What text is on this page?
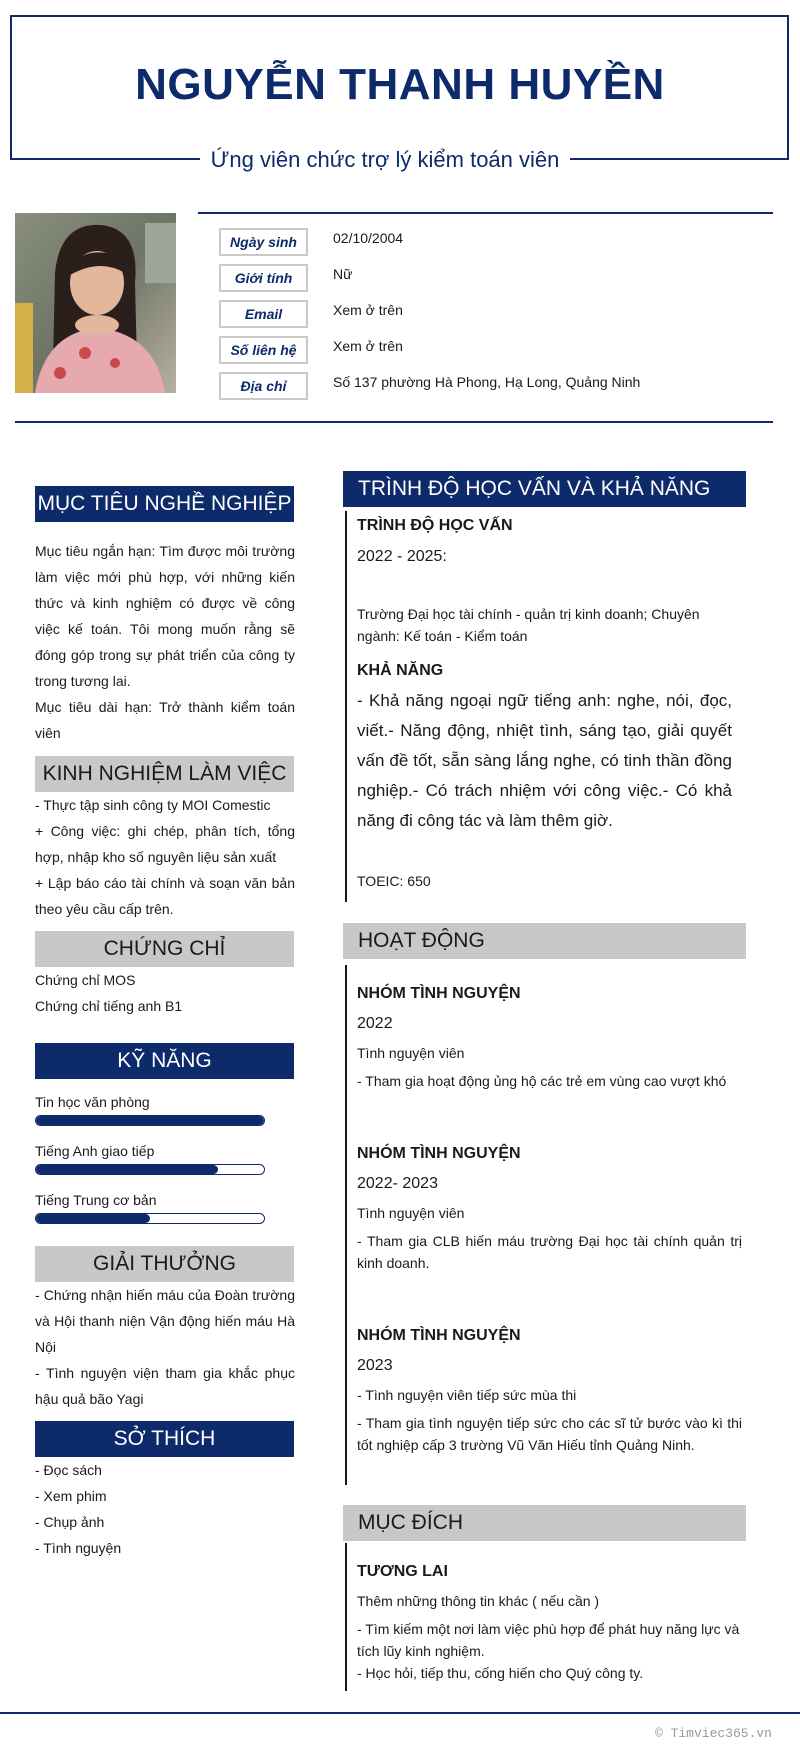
NGUYỄN THANH HUYỀN
Ứng viên chức trợ lý kiểm toán viên
Ngày sinh	02/10/2004
Giới tính	Nữ
Email	Xem ở trên
Số liên hệ	Xem ở trên
Địa chỉ	Số 137 phường Hà Phong, Hạ Long, Quảng Ninh
MỤC TIÊU NGHỀ NGHIỆP
Mục tiêu ngắn hạn: Tìm được môi trường làm việc mới phù hợp, với những kiến thức và kinh nghiệm có được về công việc kế toán. Tôi mong muốn rằng sẽ đóng góp trong sự phát triển của công ty trong tương lai.
Mục tiêu dài hạn: Trở thành kiểm toán viên
KINH NGHIỆM LÀM VIỆC

- Thực tập sinh công ty MOI Comestic

+ Công việc: ghi chép, phân tích, tổng hợp, nhập kho số nguyên liệu sản xuất

+ Lập báo cáo tài chính và soạn văn bản theo yêu cầu cấp trên.

CHỨNG CHỈ

Chứng chỉ MOS

Chứng chỉ tiếng anh B1

KỸ NĂNG
Tin học văn phòng
Tiếng Anh giao tiếp
Tiếng Trung cơ bản
GIẢI THƯỞNG

- Chứng nhận hiến máu của Đoàn trường và Hội thanh niện Vận động hiến máu Hà Nội

- Tình nguyện viện tham gia khắc phục hậu quả bão Yagi

SỞ THÍCH

- Đọc sách

- Xem phim

- Chụp ảnh

- Tình nguyện

TRÌNH ĐỘ HỌC VẤN VÀ KHẢ NĂNG
TRÌNH ĐỘ HỌC VẤN
2022 - 2025:
Trường Đại học tài chính - quản trị kinh doanh; Chuyên ngành: Kế toán - Kiểm toán
KHẢ NĂNG
- Khả năng ngoại ngữ tiếng anh: nghe, nói, đọc, viết.- Năng động, nhiệt tình, sáng tạo, giải quyết vấn đề tốt, sẵn sàng lắng nghe, có tinh thần đồng nghiệp.- Có trách nhiệm với công việc.- Có khả năng đi công tác và làm thêm giờ.
TOEIC: 650
HOẠT ĐỘNG
NHÓM TÌNH NGUYỆN
2022
Tình nguyện viên
- Tham gia hoạt động ủng hộ các trẻ em vùng cao vượt khó
NHÓM TÌNH NGUYỆN
2022- 2023
Tình nguyện viên
- Tham gia CLB hiến máu trường Đại học tài chính quản trị kinh doanh.
NHÓM TÌNH NGUYỆN
2023
- Tình nguyện viên tiếp sức mùa thi
- Tham gia tình nguyện tiếp sức cho các sĩ tử bước vào kì thi tốt nghiệp cấp 3 trường Vũ Văn Hiếu tỉnh Quảng Ninh.
MỤC ĐÍCH
TƯƠNG LAI
Thêm những thông tin khác ( nếu cần )
- Tìm kiếm một nơi làm việc phù hợp để phát huy năng lực và tích lũy kinh nghiệm.
- Học hỏi, tiếp thu, cống hiến cho Quý công ty.
© Timviec365.vn
